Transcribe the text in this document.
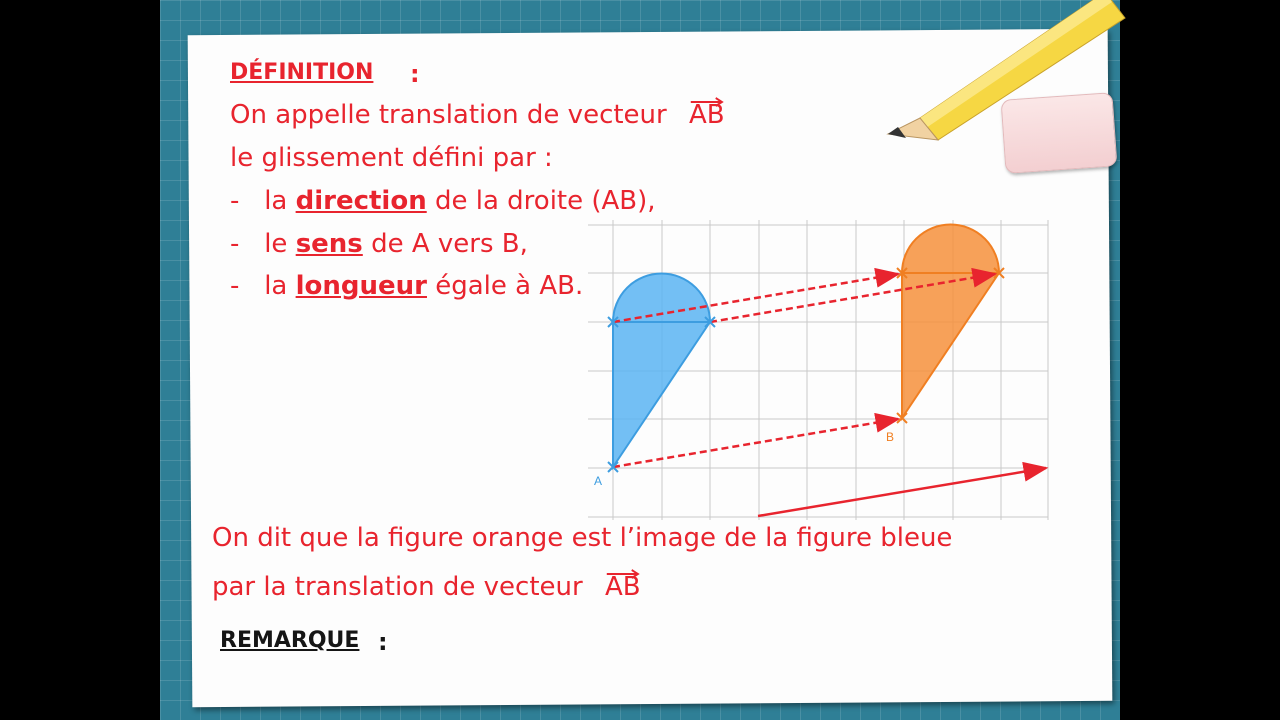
DÉFINITION :
On appelle translation de vecteur AB
le glissement défini par :
- la direction de la droite (AB),
- le sens de A vers B,
- la longueur égale à AB.
A
B
On dit que la figure orange est l’image de la figure bleue
par la translation de vecteur AB
REMARQUE :
